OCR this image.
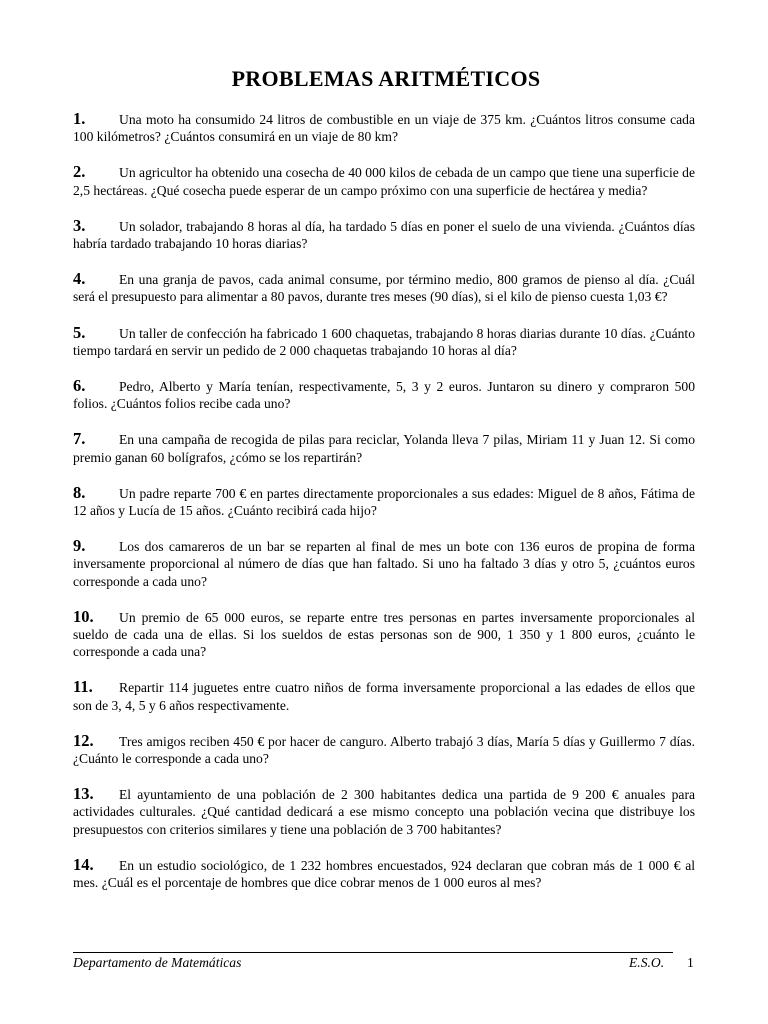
PROBLEMAS ARITMÉTICOS
1. Una moto ha consumido 24 litros de combustible en un viaje de 375 km. ¿Cuántos litros consume cada 100 kilómetros? ¿Cuántos consumirá en un viaje de 80 km?
2. Un agricultor ha obtenido una cosecha de 40 000 kilos de cebada de un campo que tiene una superficie de 2,5 hectáreas. ¿Qué cosecha puede esperar de un campo próximo con una superficie de hectárea y media?
3. Un solador, trabajando 8 horas al día, ha tardado 5 días en poner el suelo de una vivienda. ¿Cuántos días habría tardado trabajando 10 horas diarias?
4. En una granja de pavos, cada animal consume, por término medio, 800 gramos de pienso al día. ¿Cuál será el presupuesto para alimentar a 80 pavos, durante tres meses (90 días), si el kilo de pienso cuesta 1,03 €?
5. Un taller de confección ha fabricado 1 600 chaquetas, trabajando 8 horas diarias durante 10 días. ¿Cuánto tiempo tardará en servir un pedido de 2 000 chaquetas trabajando 10 horas al día?
6. Pedro, Alberto y María tenían, respectivamente, 5, 3 y 2 euros. Juntaron su dinero y compraron 500 folios. ¿Cuántos folios recibe cada uno?
7. En una campaña de recogida de pilas para reciclar, Yolanda lleva 7 pilas, Miriam 11 y Juan 12. Si como premio ganan 60 bolígrafos, ¿cómo se los repartirán?
8. Un padre reparte 700 € en partes directamente proporcionales a sus edades: Miguel de 8 años, Fátima de 12 años y Lucía de 15 años. ¿Cuánto recibirá cada hijo?
9. Los dos camareros de un bar se reparten al final de mes un bote con 136 euros de propina de forma inversamente proporcional al número de días que han faltado. Si uno ha faltado 3 días y otro 5, ¿cuántos euros corresponde a cada uno?
10. Un premio de 65 000 euros, se reparte entre tres personas en partes inversamente proporcionales al sueldo de cada una de ellas. Si los sueldos de estas personas son de 900, 1 350 y 1 800 euros, ¿cuánto le corresponde a cada una?
11. Repartir 114 juguetes entre cuatro niños de forma inversamente proporcional a las edades de ellos que son de 3, 4, 5 y 6 años respectivamente.
12. Tres amigos reciben 450 € por hacer de canguro. Alberto trabajó 3 días, María 5 días y Guillermo 7 días. ¿Cuánto le corresponde a cada uno?
13. El ayuntamiento de una población de 2 300 habitantes dedica una partida de 9 200 € anuales para actividades culturales. ¿Qué cantidad dedicará a ese mismo concepto una población vecina que distribuye los presupuestos con criterios similares y tiene una población de 3 700 habitantes?
14. En un estudio sociológico, de 1 232 hombres encuestados, 924 declaran que cobran más de 1 000 € al mes. ¿Cuál es el porcentaje de hombres que dice cobrar menos de 1 000 euros al mes?
Departamento de Matemáticas	E.S.O. 1
